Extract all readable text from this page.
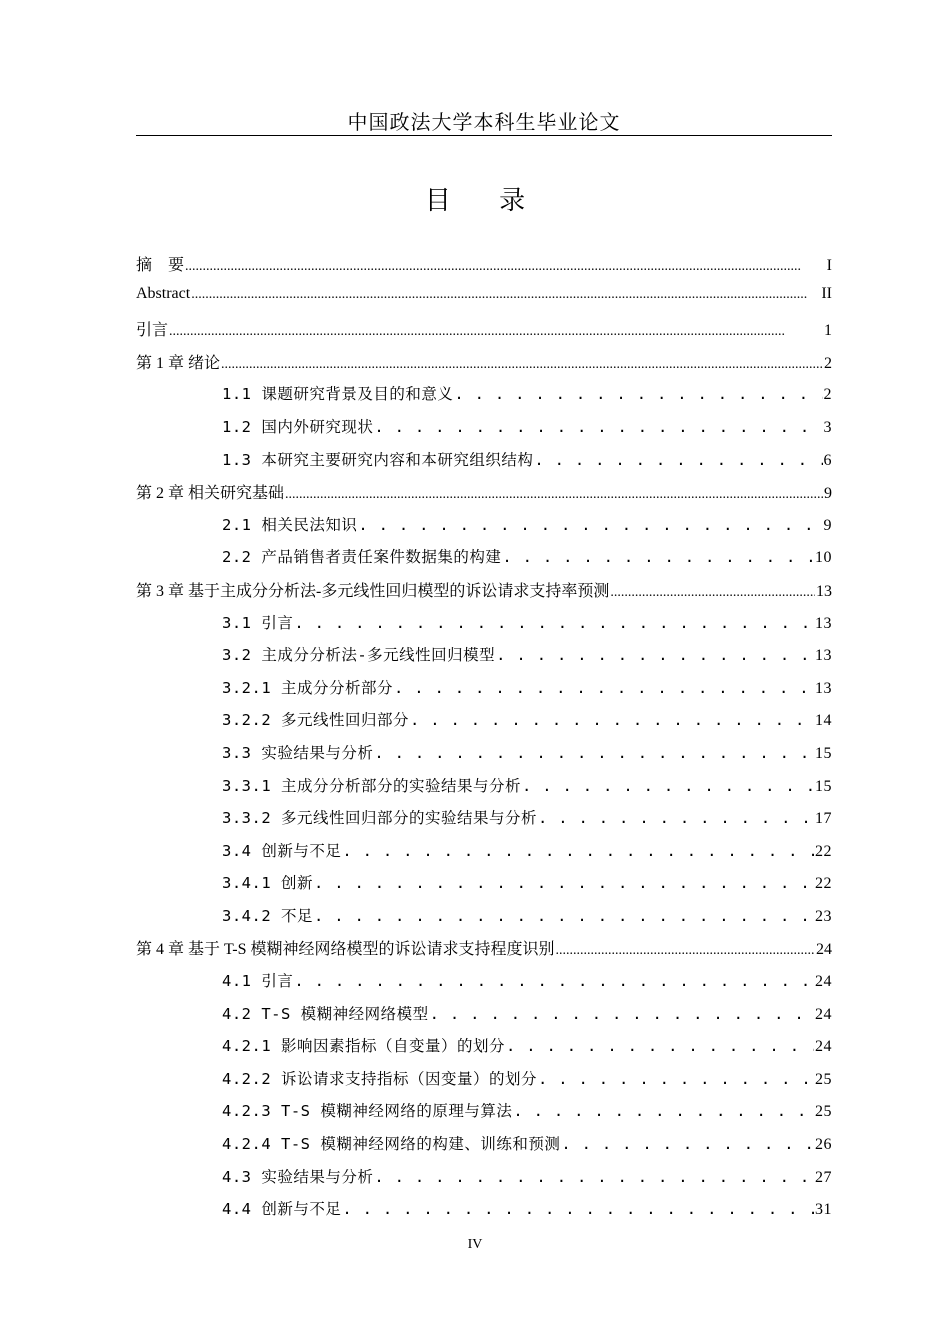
中国政法大学本科生毕业论文
目 录
摘　要 .....	I
Abstract .....	II
引言 .....	1
第 1 章 绪论 .....	2
1.1 课题研究背景及目的和意义 . . .	2
1.2 国内外研究现状 . . .	3
1.3 本研究主要研究内容和本研究组织结构 . . .	6
第 2 章 相关研究基础 .....	9
2.1 相关民法知识 . . .	9
2.2 产品销售者责任案件数据集的构建 . . .	10
第 3 章 基于主成分分析法-多元线性回归模型的诉讼请求支持率预测 .....	13
3.1 引言 . . .	13
3.2 主成分分析法-多元线性回归模型 . . .	13
3.2.1 主成分分析部分 . . .	13
3.2.2 多元线性回归部分 . . .	14
3.3 实验结果与分析 . . .	15
3.3.1 主成分分析部分的实验结果与分析 . . .	15
3.3.2 多元线性回归部分的实验结果与分析 . . .	17
3.4 创新与不足 . . .	22
3.4.1 创新 . . .	22
3.4.2 不足 . . .	23
第 4 章 基于 T-S 模糊神经网络模型的诉讼请求支持程度识别 .....	24
4.1 引言 . . .	24
4.2 T-S 模糊神经网络模型 . . .	24
4.2.1 影响因素指标（自变量）的划分 . . .	24
4.2.2 诉讼请求支持指标（因变量）的划分 . . .	25
4.2.3 T-S 模糊神经网络的原理与算法 . . .	25
4.2.4 T-S 模糊神经网络的构建、训练和预测 . . .	26
4.3 实验结果与分析 . . .	27
4.4 创新与不足 . . .	31
IV
